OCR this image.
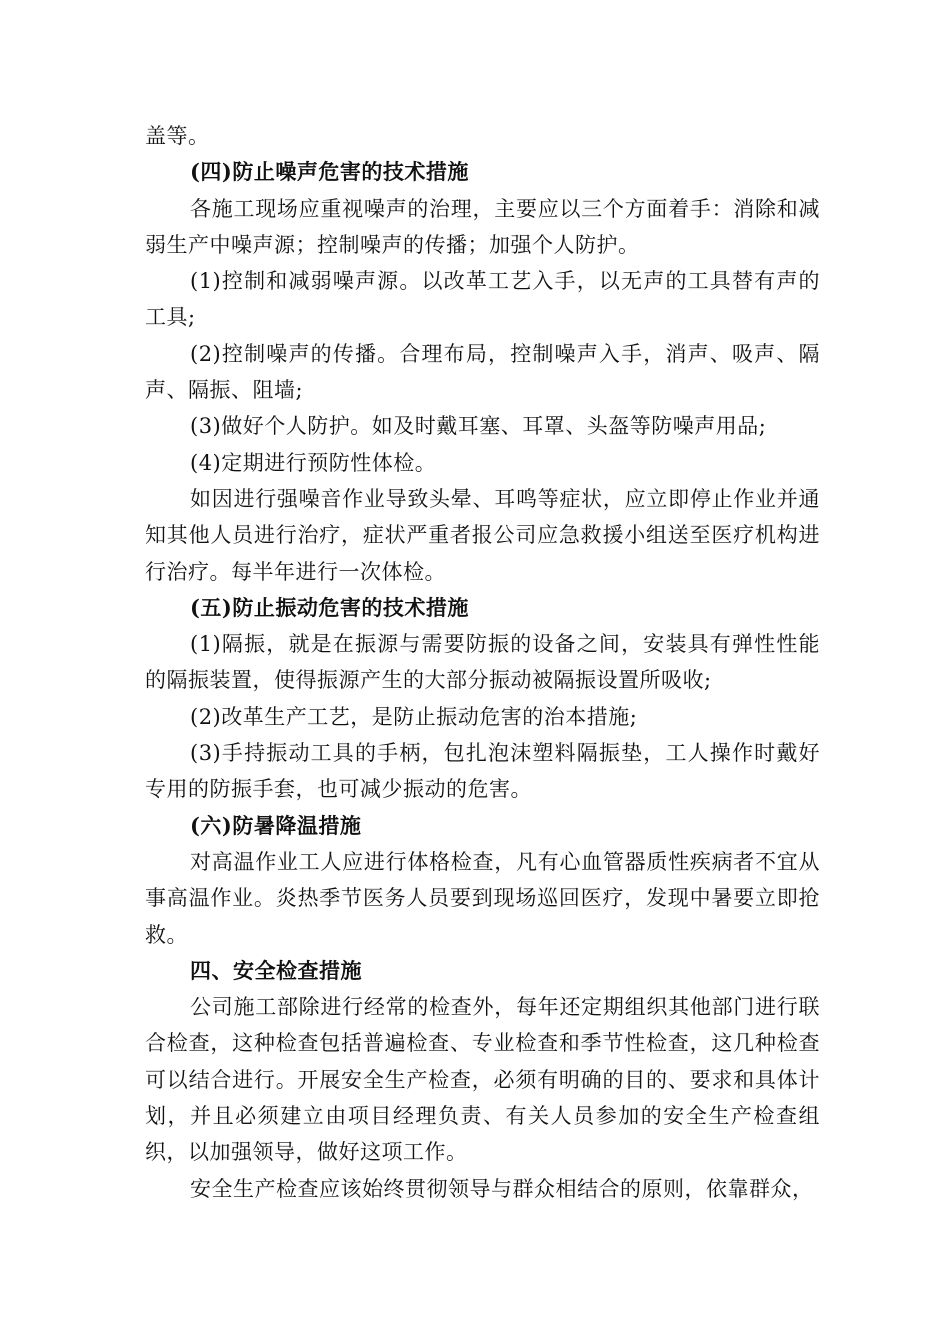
盖等。

(四)防止噪声危害的技术措施

各施工现场应重视噪声的治理，主要应以三个方面着手：消除和减弱生产中噪声源；控制噪声的传播；加强个人防护。

(1)控制和减弱噪声源。以改革工艺入手，以无声的工具替有声的工具;

(2)控制噪声的传播。合理布局，控制噪声入手，消声、吸声、隔声、隔振、阻墙;

(3)做好个人防护。如及时戴耳塞、耳罩、头盔等防噪声用品;

(4)定期进行预防性体检。

如因进行强噪音作业导致头晕、耳鸣等症状，应立即停止作业并通知其他人员进行治疗，症状严重者报公司应急救援小组送至医疗机构进行治疗。每半年进行一次体检。

(五)防止振动危害的技术措施

(1)隔振，就是在振源与需要防振的设备之间，安装具有弹性性能的隔振装置，使得振源产生的大部分振动被隔振设置所吸收;

(2)改革生产工艺，是防止振动危害的治本措施;

(3)手持振动工具的手柄，包扎泡沫塑料隔振垫，工人操作时戴好专用的防振手套，也可减少振动的危害。

(六)防暑降温措施

对高温作业工人应进行体格检查，凡有心血管器质性疾病者不宜从事高温作业。炎热季节医务人员要到现场巡回医疗，发现中暑要立即抢救。

四、安全检查措施

公司施工部除进行经常的检查外，每年还定期组织其他部门进行联合检查，这种检查包括普遍检查、专业检查和季节性检查，这几种检查可以结合进行。开展安全生产检查，必须有明确的目的、要求和具体计划，并且必须建立由项目经理负责、有关人员参加的安全生产检查组织，以加强领导，做好这项工作。

安全生产检查应该始终贯彻领导与群众相结合的原则，依靠群众，
